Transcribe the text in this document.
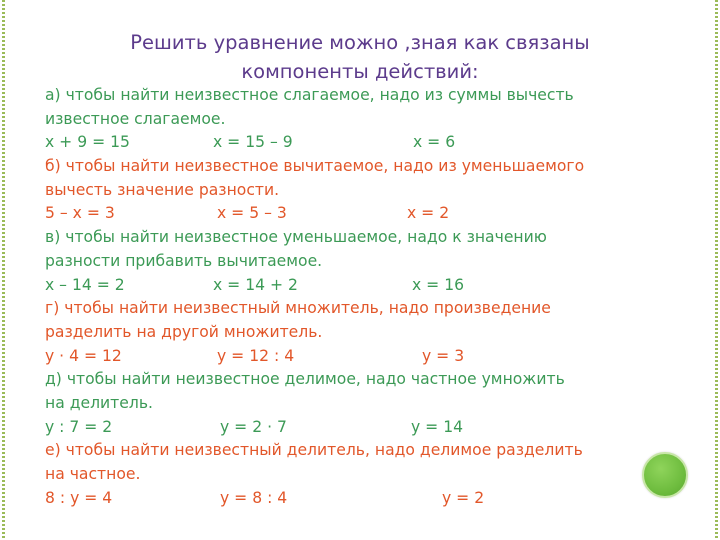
Решить уравнение можно ,зная как связаны
компоненты действий:
а) чтобы найти неизвестное слагаемое, надо из суммы вычесть
известное слагаемое.
x + 9 = 15	x = 15 – 9	x = 6
б) чтобы найти неизвестное вычитаемое, надо из уменьшаемого
вычесть значение разности.
5 – x = 3	x = 5 – 3	x = 2
в) чтобы найти неизвестное уменьшаемое, надо к значению
разности прибавить вычитаемое.
x – 14 = 2	x = 14 + 2	x = 16
г) чтобы найти неизвестный множитель, надо произведение
разделить на другой множитель.
y · 4 = 12	y = 12 : 4	y = 3
д) чтобы найти неизвестное делимое, надо частное умножить
на делитель.
y : 7 = 2	y = 2 · 7	y = 14
е) чтобы найти неизвестный делитель, надо делимое разделить
на частное.
8 : y = 4	y = 8 : 4	y = 2
